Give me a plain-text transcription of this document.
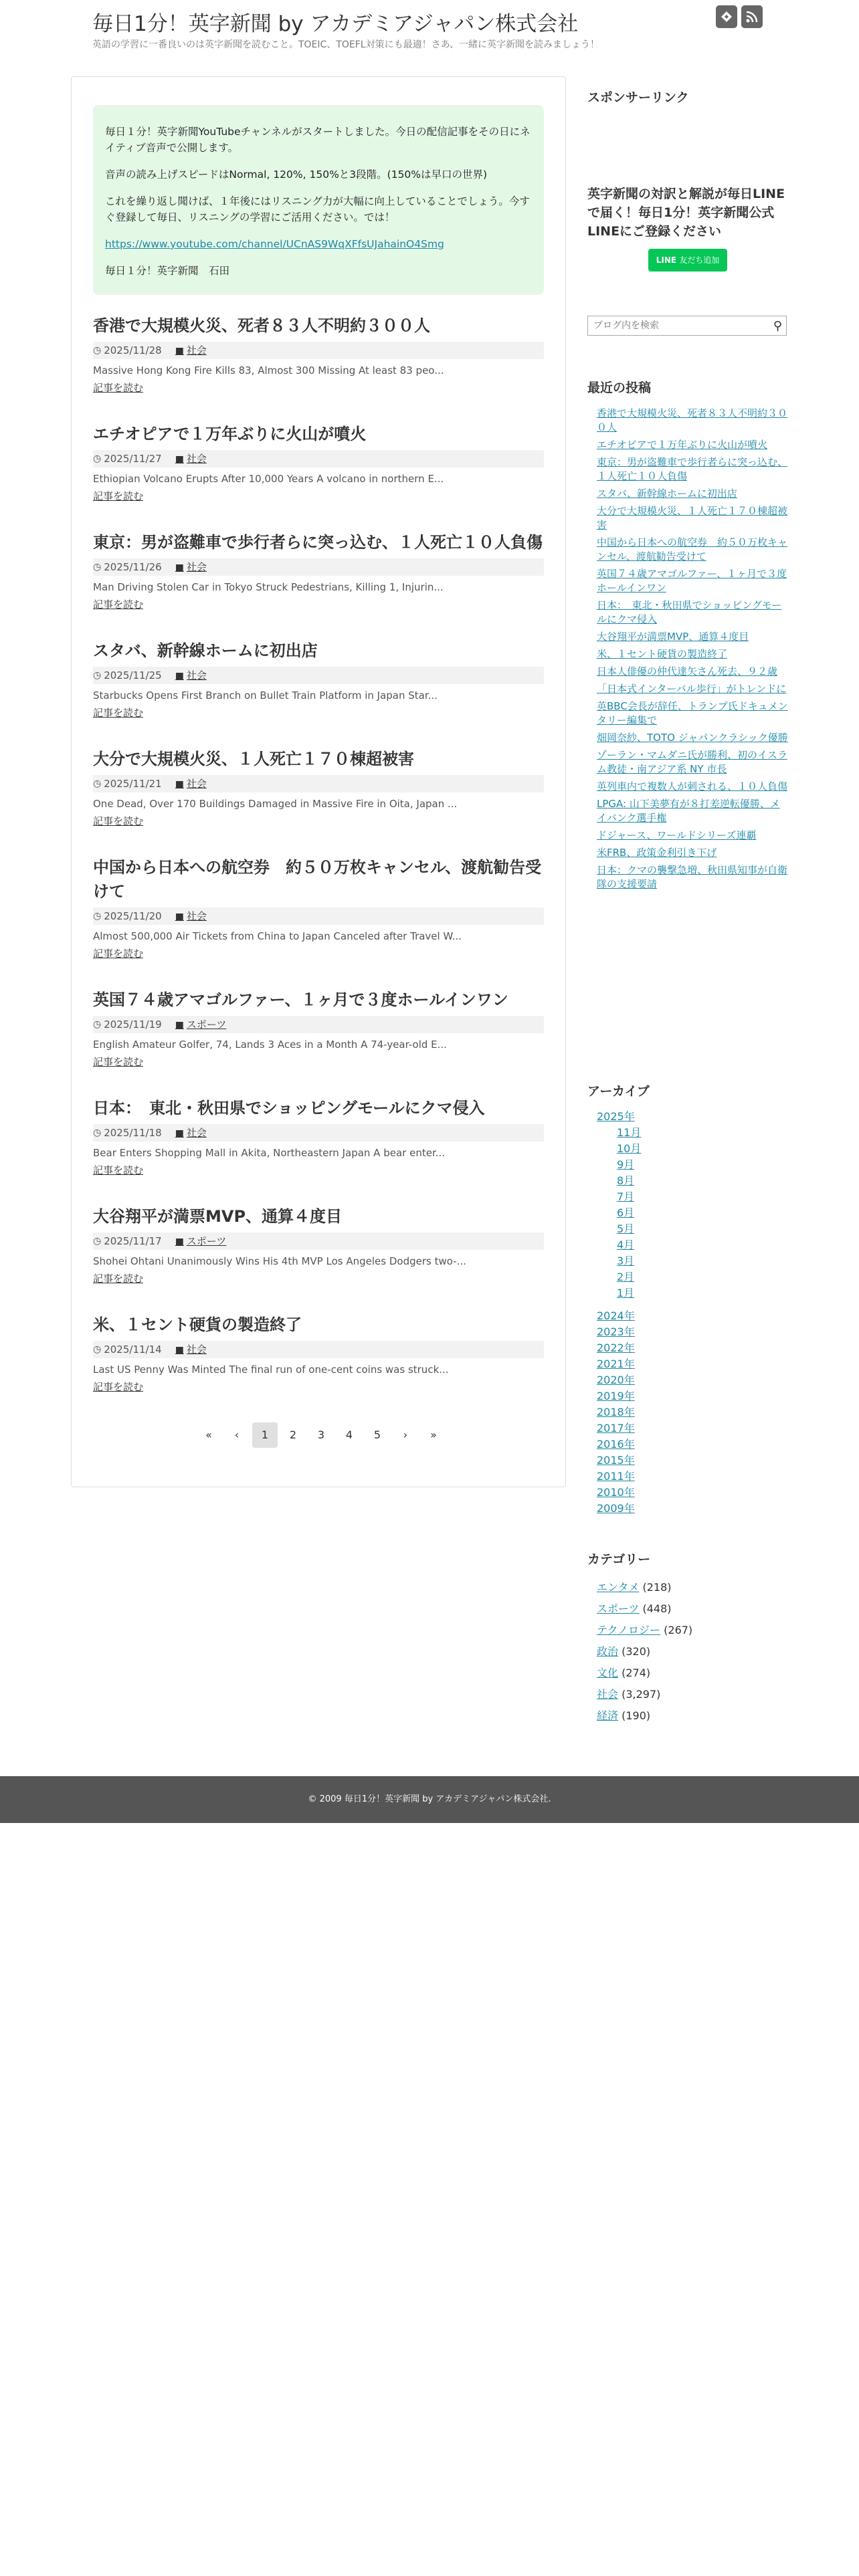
毎日1分！英字新聞 by アカデミアジャパン株式会社

英語の学習に一番良いのは英字新聞を読むこと。TOEIC、TOEFL対策にも最適！さあ、一緒に英字新聞を読みましょう！

毎日１分！英字新聞YouTubeチャンネルがスタートしました。今日の配信記事をその日にネイティブ音声で公開します。

音声の読み上げスピードはNormal, 120%, 150%と3段階。(150%は早口の世界)

これを繰り返し聞けば、１年後にはリスニング力が大幅に向上していることでしょう。今すぐ登録して毎日、リスニングの学習にご活用ください。では！

https://www.youtube.com/channel/UCnAS9WqXFfsUJahainO4Smg

毎日１分！英字新聞　石田

香港で大規模火災、死者８３人不明約３００人
◷ 2025/11/28 ■ 社会
Massive Hong Kong Fire Kills 83, Almost 300 Missing At least 83 peo...
記事を読む
エチオピアで１万年ぶりに火山が噴火
◷ 2025/11/27 ■ 社会
Ethiopian Volcano Erupts After 10,000 Years A volcano in northern E...
記事を読む
東京：男が盗難車で歩行者らに突っ込む、１人死亡１０人負傷
◷ 2025/11/26 ■ 社会
Man Driving Stolen Car in Tokyo Struck Pedestrians, Killing 1, Injurin...
記事を読む
スタバ、新幹線ホームに初出店
◷ 2025/11/25 ■ 社会
Starbucks Opens First Branch on Bullet Train Platform in Japan Star...
記事を読む
大分で大規模火災、１人死亡１７０棟超被害
◷ 2025/11/21 ■ 社会
One Dead, Over 170 Buildings Damaged in Massive Fire in Oita, Japan ...
記事を読む
中国から日本への航空券　約５０万枚キャンセル、渡航勧告受けて
◷ 2025/11/20 ■ 社会
Almost 500,000 Air Tickets from China to Japan Canceled after Travel W...
記事を読む
英国７４歳アマゴルファー、１ヶ月で３度ホールインワン
◷ 2025/11/19 ■ スポーツ
English Amateur Golfer, 74, Lands 3 Aces in a Month A 74-year-old E...
記事を読む
日本：　東北・秋田県でショッピングモールにクマ侵入
◷ 2025/11/18 ■ 社会
Bear Enters Shopping Mall in Akita, Northeastern Japan A bear enter...
記事を読む
大谷翔平が満票MVP、通算４度目
◷ 2025/11/17 ■ スポーツ
Shohei Ohtani Unanimously Wins His 4th MVP Los Angeles Dodgers two-...
記事を読む
米、１セント硬貨の製造終了
◷ 2025/11/14 ■ 社会
Last US Penny Was Minted The final run of one-cent coins was struck...
記事を読む
«	‹	1	2	3	4	5	›	»
スポンサーリンク
英字新聞の対訳と解説が毎日LINEで届く！毎日1分！英字新聞公式LINEにご登録ください
LINE 友だち追加
ブログ内を検索
⚲
最近の投稿
香港で大規模火災、死者８３人不明約３００人
エチオピアで１万年ぶりに火山が噴火
東京：男が盗難車で歩行者らに突っ込む、１人死亡１０人負傷
スタバ、新幹線ホームに初出店
大分で大規模火災、１人死亡１７０棟超被害
中国から日本への航空券　約５０万枚キャンセル、渡航勧告受けて
英国７４歳アマゴルファー、１ヶ月で３度ホールインワン
日本：　東北・秋田県でショッピングモールにクマ侵入
大谷翔平が満票MVP、通算４度目
米、１セント硬貨の製造終了
日本人俳優の仲代達矢さん死去、９２歳
「日本式インターバル歩行」がトレンドに
英BBC会長が辞任、トランプ氏ドキュメンタリー編集で
畑岡奈紗、TOTO ジャパンクラシック優勝
ゾーラン・マムダニ氏が勝利、初のイスラム教徒・南アジア系 NY 市長
英列車内で複数人が刺される、１０人負傷
LPGA: 山下美夢有が８打差逆転優勝、メイバンク選手権
ドジャース、ワールドシリーズ連覇
米FRB、政策金利引き下げ
日本：クマの襲撃急増、秋田県知事が自衛隊の支援要請
アーカイブ
2025年
11月
10月
9月
8月
7月
6月
5月
4月
3月
2月
1月
2024年
2023年
2022年
2021年
2020年
2019年
2018年
2017年
2016年
2015年
2011年
2010年
2009年
カテゴリー
エンタメ (218)
スポーツ (448)
テクノロジー (267)
政治 (320)
文化 (274)
社会 (3,297)
経済 (190)
© 2009 毎日1分！英字新聞 by アカデミアジャパン株式会社.
